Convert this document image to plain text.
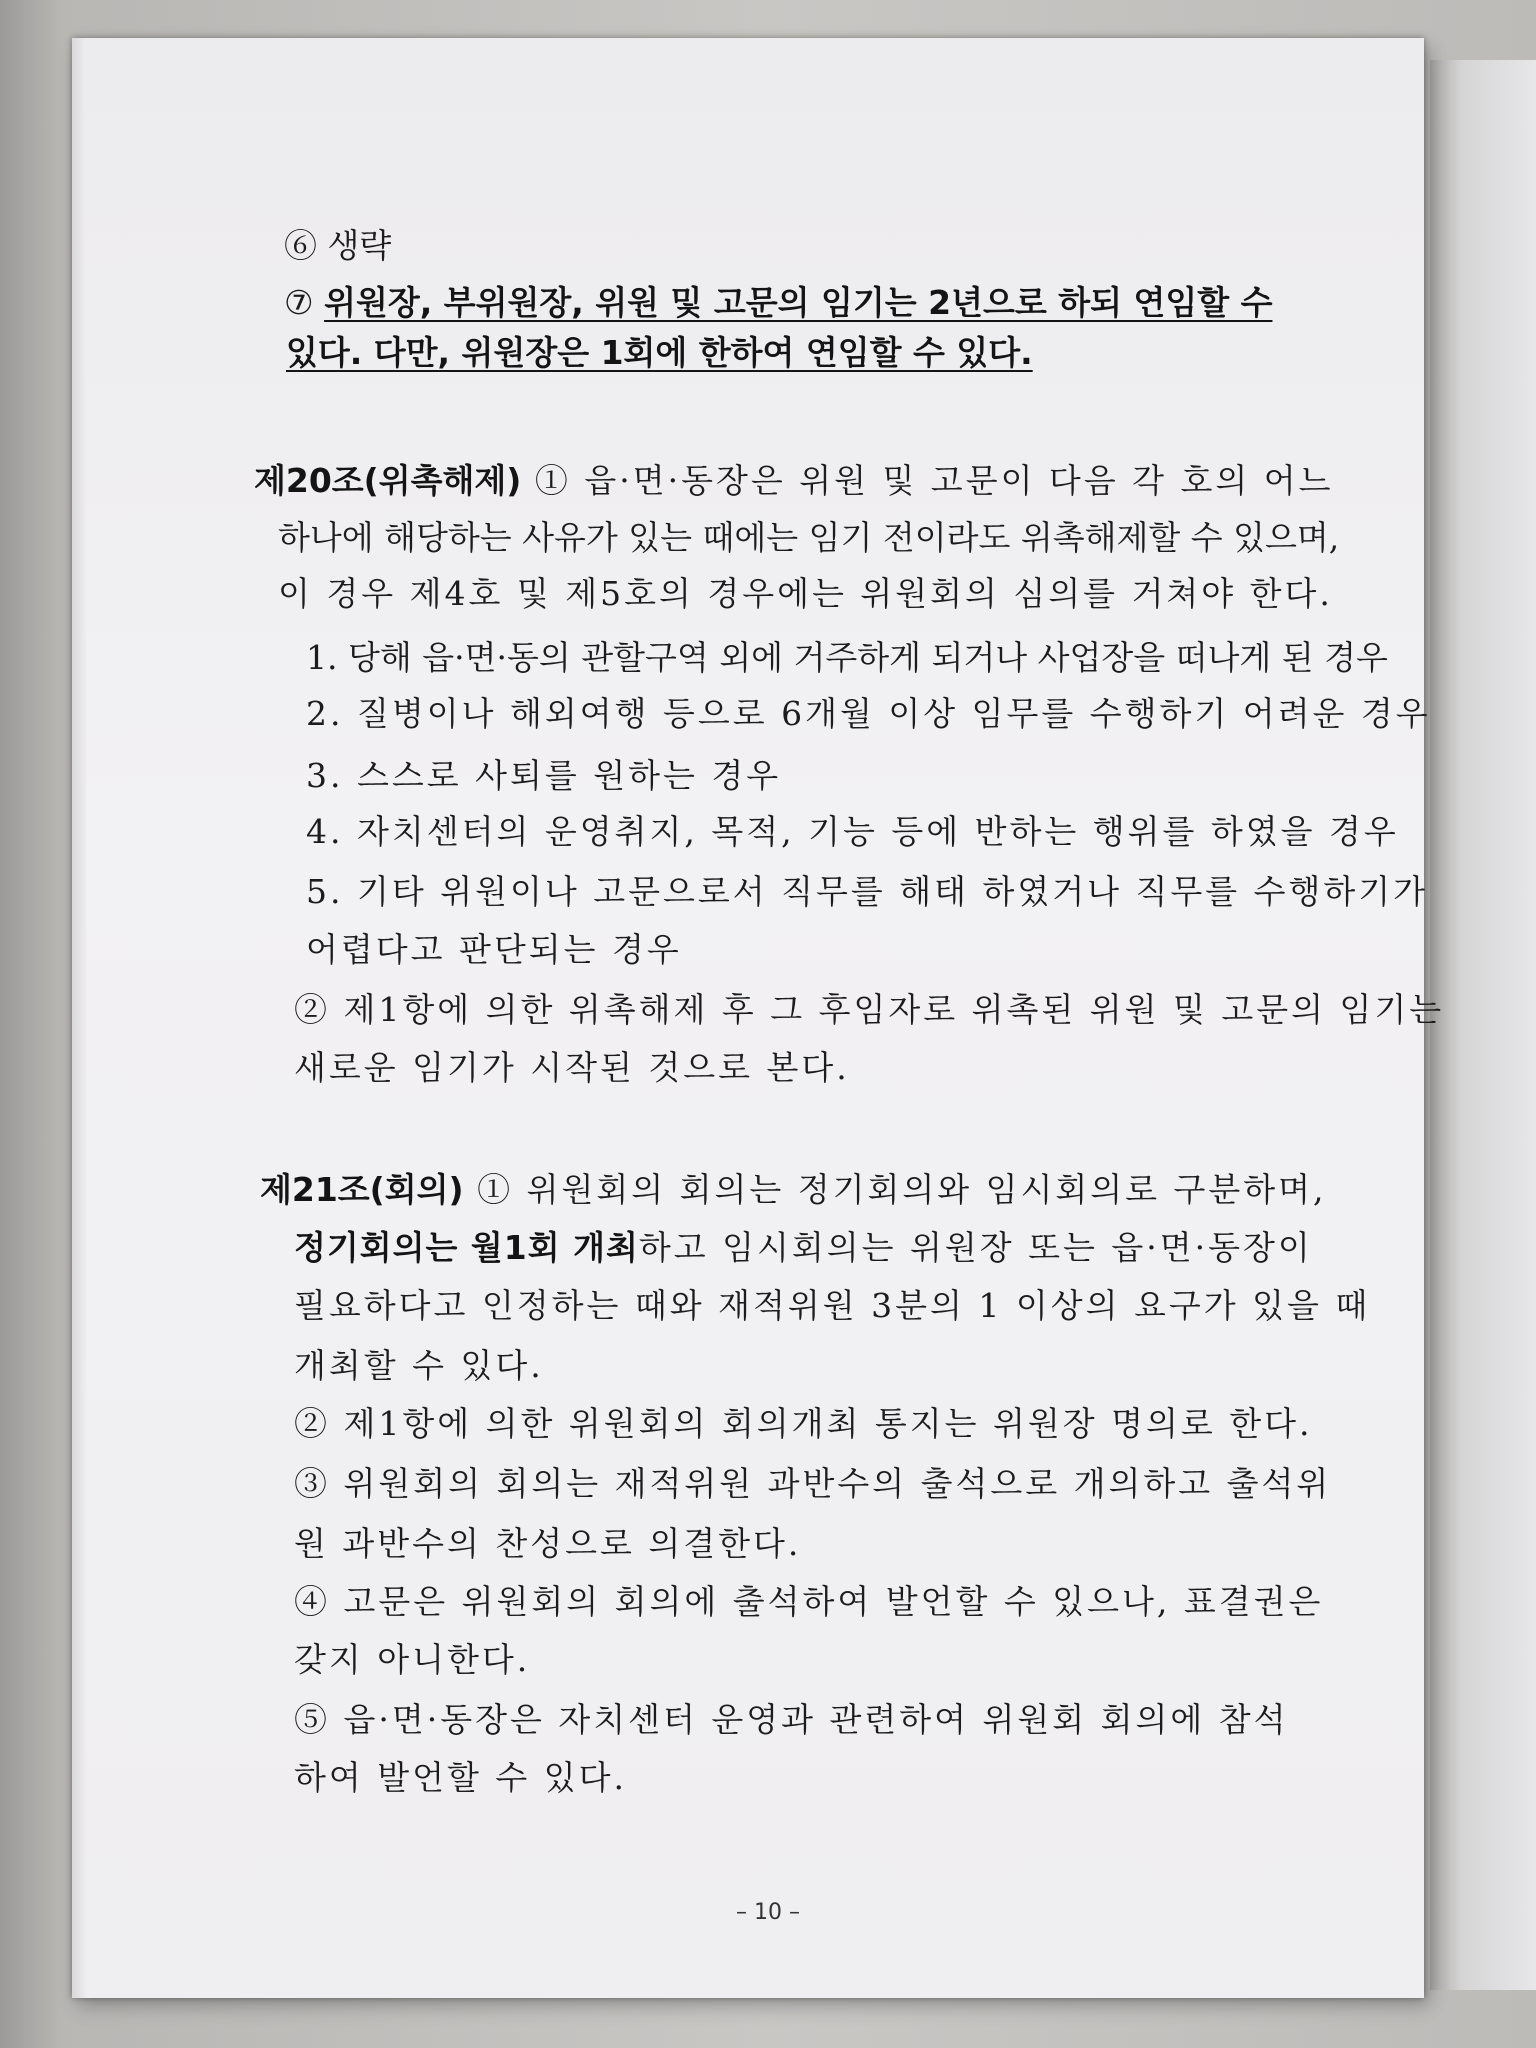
⑥ 생략
⑦ 위원장, 부위원장, 위원 및 고문의 임기는 2년으로 하되 연임할 수
있다. 다만, 위원장은 1회에 한하여 연임할 수 있다.
제20조(위촉해제) ① 읍·면·동장은 위원 및 고문이 다음 각 호의 어느
하나에 해당하는 사유가 있는 때에는 임기 전이라도 위촉해제할 수 있으며,
이 경우 제4호 및 제5호의 경우에는 위원회의 심의를 거쳐야 한다.
1. 당해 읍·면·동의 관할구역 외에 거주하게 되거나 사업장을 떠나게 된 경우
2. 질병이나 해외여행 등으로 6개월 이상 임무를 수행하기 어려운 경우
3. 스스로 사퇴를 원하는 경우
4. 자치센터의 운영취지, 목적, 기능 등에 반하는 행위를 하였을 경우
5. 기타 위원이나 고문으로서 직무를 해태 하였거나 직무를 수행하기가
어렵다고 판단되는 경우
② 제1항에 의한 위촉해제 후 그 후임자로 위촉된 위원 및 고문의 임기는
새로운 임기가 시작된 것으로 본다.
제21조(회의) ① 위원회의 회의는 정기회의와 임시회의로 구분하며,
정기회의는 월1회 개최하고 임시회의는 위원장 또는 읍·면·동장이
필요하다고 인정하는 때와 재적위원 3분의 1 이상의 요구가 있을 때
개최할 수 있다.
② 제1항에 의한 위원회의 회의개최 통지는 위원장 명의로 한다.
③ 위원회의 회의는 재적위원 과반수의 출석으로 개의하고 출석위
원 과반수의 찬성으로 의결한다.
④ 고문은 위원회의 회의에 출석하여 발언할 수 있으나, 표결권은
갖지 아니한다.
⑤ 읍·면·동장은 자치센터 운영과 관련하여 위원회 회의에 참석
하여 발언할 수 있다.
– 10 –
